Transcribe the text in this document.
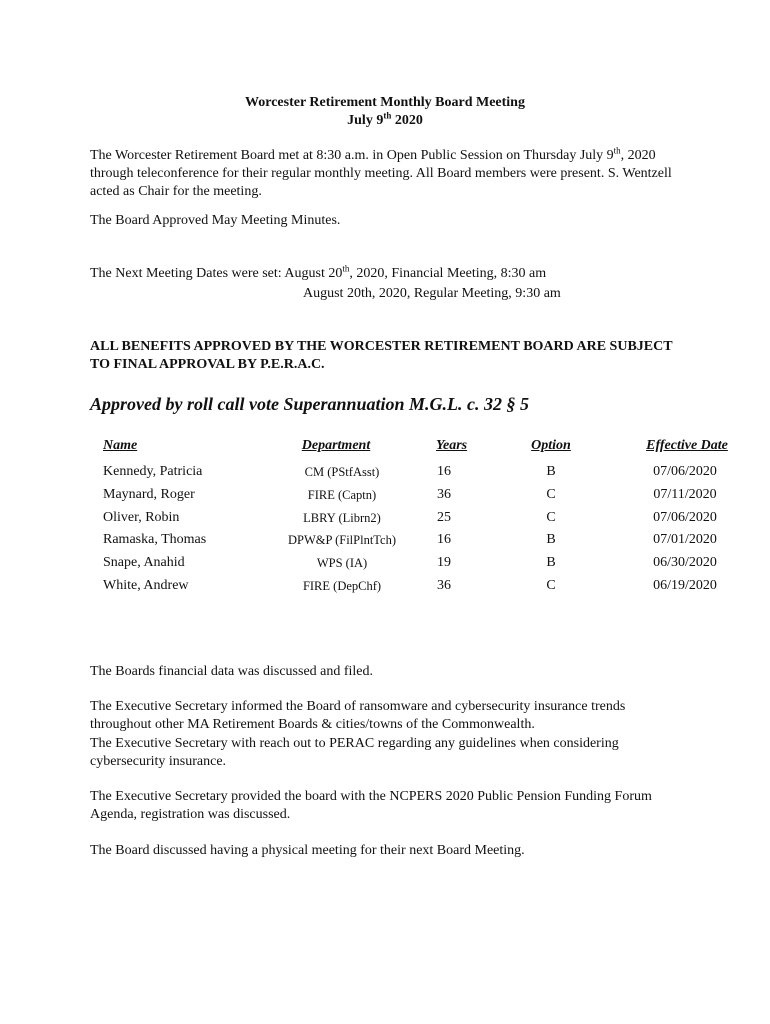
Worcester Retirement Monthly Board Meeting
July 9th 2020

The Worcester Retirement Board met at 8:30 a.m. in Open Public Session on Thursday July 9th, 2020 through teleconference for their regular monthly meeting. All Board members were present. S. Wentzell acted as Chair for the meeting.

The Board Approved May Meeting Minutes.

The Next Meeting Dates were set: August 20th, 2020, Financial Meeting, 8:30 am

August 20th, 2020, Regular Meeting, 9:30 am

ALL BENEFITS APPROVED BY THE WORCESTER RETIREMENT BOARD ARE SUBJECT TO FINAL APPROVAL BY P.E.R.A.C.

Approved by roll call vote Superannuation M.G.L. c. 32 § 5

Name	Department	Years	Option	Effective Date
Kennedy, Patricia	CM (PStfAsst)	16	B	07/06/2020
Maynard, Roger	FIRE (Captn)	36	C	07/11/2020
Oliver, Robin	LBRY (Librn2)	25	C	07/06/2020
Ramaska, Thomas	DPW&P (FilPlntTch)	16	B	07/01/2020
Snape, Anahid	WPS (IA)	19	B	06/30/2020
White, Andrew	FIRE (DepChf)	36	C	06/19/2020

The Boards financial data was discussed and filed.

The Executive Secretary informed the Board of ransomware and cybersecurity insurance trends throughout other MA Retirement Boards & cities/towns of the Commonwealth.

The Executive Secretary with reach out to PERAC regarding any guidelines when considering cybersecurity insurance.

The Executive Secretary provided the board with the NCPERS 2020 Public Pension Funding Forum Agenda, registration was discussed.

The Board discussed having a physical meeting for their next Board Meeting.
